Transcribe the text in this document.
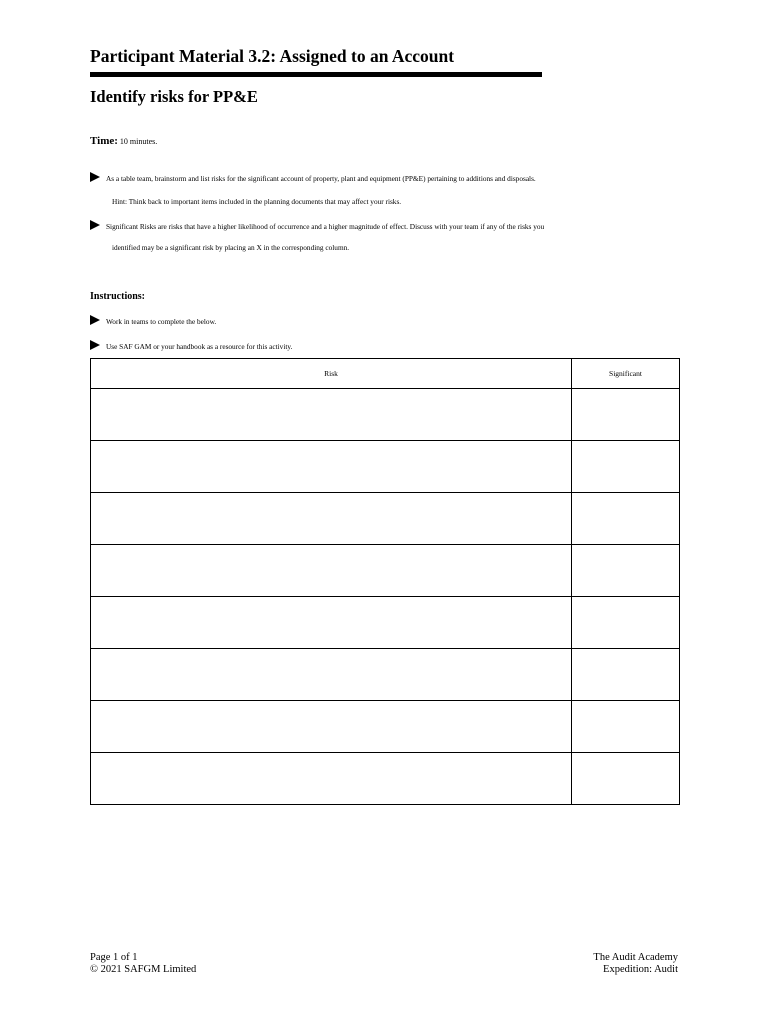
Participant Material 3.2: Assigned to an Account
Identify risks for PP&E
Time: 10 minutes.
As a table team, brainstorm and list risks for the significant account of property, plant and equipment (PP&E) pertaining to additions and disposals.
Hint: Think back to important items included in the planning documents that may affect your risks.
Significant Risks are risks that have a higher likelihood of occurrence and a higher magnitude of effect. Discuss with your team if any of the risks you
identified may be a significant risk by placing an X in the corresponding column.
Instructions:
Work in teams to complete the below.
Use SAF GAM or your handbook as a resource for this activity.
Risk	Significant

Page 1 of 1
© 2021 SAFGM Limited
The Audit Academy
Expedition: Audit
